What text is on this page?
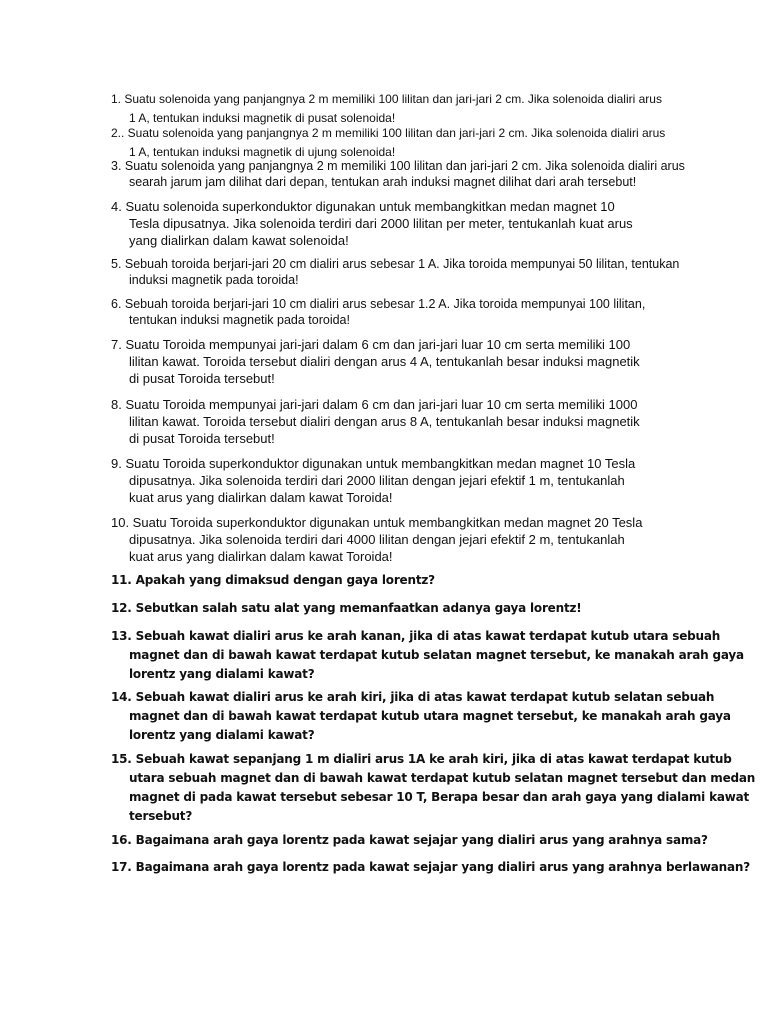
1. Suatu solenoida yang panjangnya 2 m memiliki 100 lilitan dan jari-jari 2 cm. Jika solenoida dialiri arus
1 A, tentukan induksi magnetik di pusat solenoida!
2.. Suatu solenoida yang panjangnya 2 m memiliki 100 lilitan dan jari-jari 2 cm. Jika solenoida dialiri arus
1 A, tentukan induksi magnetik di ujung solenoida!
3. Suatu solenoida yang panjangnya 2 m memiliki 100 lilitan dan jari-jari 2 cm. Jika solenoida dialiri arus
searah jarum jam dilihat dari depan, tentukan arah induksi magnet dilihat dari arah tersebut!
4. Suatu solenoida superkonduktor digunakan untuk membangkitkan medan magnet 10
Tesla dipusatnya. Jika solenoida terdiri dari 2000 lilitan per meter, tentukanlah kuat arus
yang dialirkan dalam kawat solenoida!
5. Sebuah toroida berjari-jari 20 cm dialiri arus sebesar 1 A. Jika toroida mempunyai 50 lilitan, tentukan
induksi magnetik pada toroida!
6. Sebuah toroida berjari-jari 10 cm dialiri arus sebesar 1.2 A. Jika toroida mempunyai 100 lilitan,
tentukan induksi magnetik pada toroida!
7. Suatu Toroida mempunyai jari-jari dalam 6 cm dan jari-jari luar 10 cm serta memiliki 100
lilitan kawat. Toroida tersebut dialiri dengan arus 4 A, tentukanlah besar induksi magnetik
di pusat Toroida tersebut!
8. Suatu Toroida mempunyai jari-jari dalam 6 cm dan jari-jari luar 10 cm serta memiliki 1000
lilitan kawat. Toroida tersebut dialiri dengan arus 8 A, tentukanlah besar induksi magnetik
di pusat Toroida tersebut!
9. Suatu Toroida superkonduktor digunakan untuk membangkitkan medan magnet 10 Tesla
dipusatnya. Jika solenoida terdiri dari 2000 lilitan dengan jejari efektif 1 m, tentukanlah
kuat arus yang dialirkan dalam kawat Toroida!
10. Suatu Toroida superkonduktor digunakan untuk membangkitkan medan magnet 20 Tesla
dipusatnya. Jika solenoida terdiri dari 4000 lilitan dengan jejari efektif 2 m, tentukanlah
kuat arus yang dialirkan dalam kawat Toroida!
11. Apakah yang dimaksud dengan gaya lorentz?
12. Sebutkan salah satu alat yang memanfaatkan adanya gaya lorentz!
13. Sebuah kawat dialiri arus ke arah kanan, jika di atas kawat terdapat kutub utara sebuah
magnet dan di bawah kawat terdapat kutub selatan magnet tersebut, ke manakah arah gaya
lorentz yang dialami kawat?
14. Sebuah kawat dialiri arus ke arah kiri, jika di atas kawat terdapat kutub selatan sebuah
magnet dan di bawah kawat terdapat kutub utara magnet tersebut, ke manakah arah gaya
lorentz yang dialami kawat?
15. Sebuah kawat sepanjang 1 m dialiri arus 1A ke arah kiri, jika di atas kawat terdapat kutub
utara sebuah magnet dan di bawah kawat terdapat kutub selatan magnet tersebut dan medan
magnet di pada kawat tersebut sebesar 10 T, Berapa besar dan arah gaya yang dialami kawat
tersebut?
16. Bagaimana arah gaya lorentz pada kawat sejajar yang dialiri arus yang arahnya sama?
17. Bagaimana arah gaya lorentz pada kawat sejajar yang dialiri arus yang arahnya berlawanan?
